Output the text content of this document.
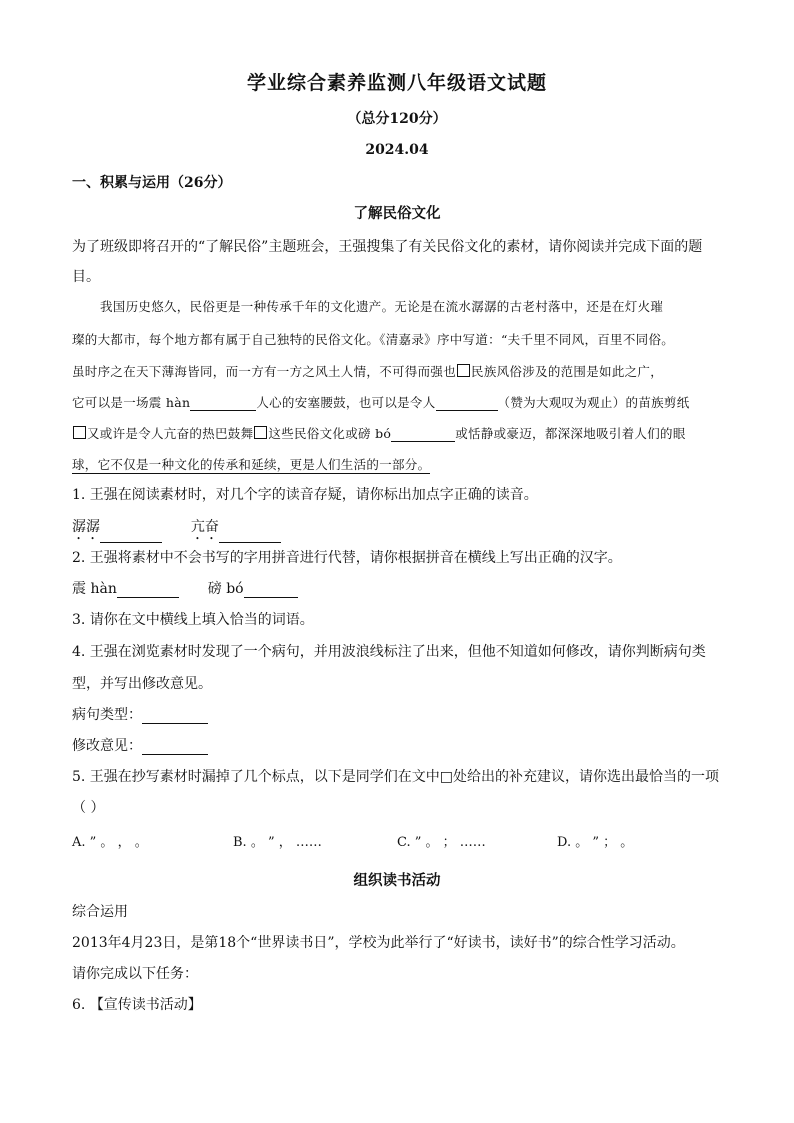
学业综合素养监测八年级语文试题
（总分120分）
2024.04
一、积累与运用（26分）
了解民俗文化
为了班级即将召开的“了解民俗”主题班会，王强搜集了有关民俗文化的素材，请你阅读并完成下面的题
目。
我国历史悠久，民俗更是一种传承千年的文化遗产。无论是在流水潺潺的古老村落中，还是在灯火璀
璨的大都市，每个地方都有属于自己独特的民俗文化。《清嘉录》序中写道：“夫千里不同风，百里不同俗。
虽时序之在天下薄海皆同，而一方有一方之风土人情，不可得而强也 民族风俗涉及的范围是如此之广，
它可以是一场震 hàn	人心的安塞腰鼓，也可以是令人	（赞为大观叹为观止）的苗族剪纸
又或许是令人亢奋的热巴鼓舞 这些民俗文化或磅 bó	或恬静或豪迈，都深深地吸引着人们的眼
球，它不仅是一种文化的传承和延续，更是人们生活的一部分。
1. 王强在阅读素材时，对几个字的读音存疑，请你标出加点字正确的读音。
潺潺	亢奋
2. 王强将素材中不会书写的字用拼音进行代替，请你根据拼音在横线上写出正确的汉字。
震 hàn	磅 bó
3. 请你在文中横线上填入恰当的词语。
4. 王强在浏览素材时发现了一个病句，并用波浪线标注了出来，但他不知道如何修改，请你判断病句类
型，并写出修改意见。
病句类型：
修改意见：
5. 王强在抄写素材时漏掉了几个标点，以下是同学们在文中□处给出的补充建议，请你选出最恰当的一项
（ ）
A. ” 。 ， 。	B. 。 ” ， ……	C. ” 。 ； ……	D. 。 ” ； 。
组织读书活动
综合运用
2013年4月23日，是第18个“世界读书日”，学校为此举行了“好读书，读好书”的综合性学习活动。
请你完成以下任务：
6. 【宣传读书活动】
